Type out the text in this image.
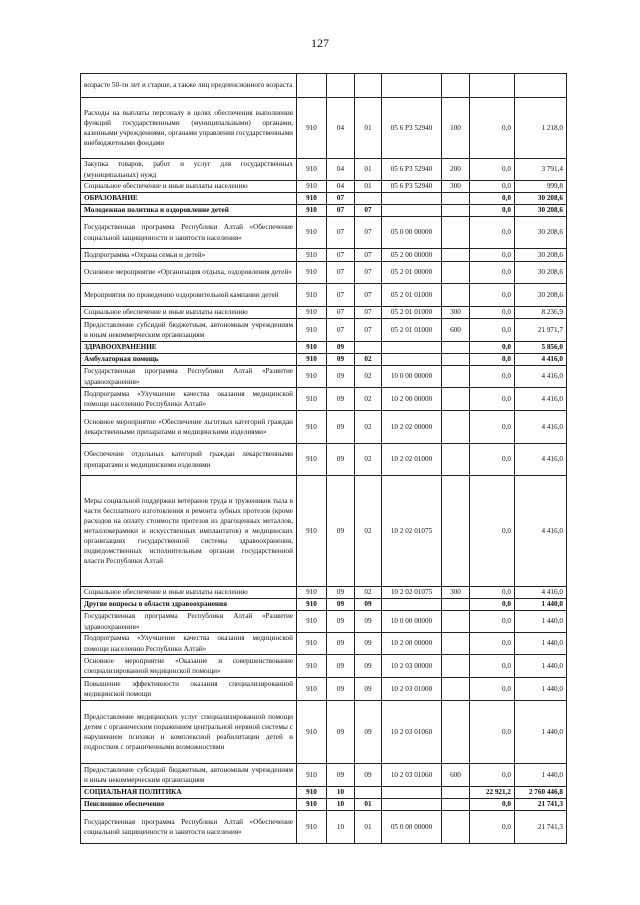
127
возрасте 50-ти лет и старше, а также лиц предпенсионного возраста							
Расходы на выплаты персоналу в целях обеспечения выполнения функций государственными (муниципальными) органами, казенными учреждениями, органами управления государственными внебюджетными фондами	910	04	01	05 6 P3 52940	100	0,0	1 218,0
Закупка товаров, работ и услуг для государственных (муниципальных) нужд	910	04	01	05 6 P3 52940	200	0,0	3 791,4
Социальное обеспечение и иные выплаты населению	910	04	01	05 6 P3 52940	300	0,0	999,8
ОБРАЗОВАНИЕ	910	07				0,0	30 208,6
Молодежная политика и оздоровление детей	910	07	07			0,0	30 208,6
Государственная программа Республики Алтай «Обеспечение социальной защищенности и занятости населения»	910	07	07	05 0 00 00000		0,0	30 208,6
Подпрограмма «Охрана семьи и детей»	910	07	07	05 2 00 00000		0,0	30 208,6
Основное мероприятие «Организация отдыха, оздоровления детей»	910	07	07	05 2 01 00000		0,0	30 208,6
Мероприятия по проведению оздоровительной кампании детей	910	07	07	05 2 01 01000		0,0	30 208,6
Социальное обеспечение и иные выплаты населению	910	07	07	05 2 01 01000	300	0,0	8 236,9
Предоставление субсидий бюджетным, автономным учреждениям и иным некоммерческим организациям	910	07	07	05 2 01 01000	600	0,0	21 971,7
ЗДРАВООХРАНЕНИЕ	910	09				0,0	5 856,0
Амбулаторная помощь	910	09	02			0,0	4 416,0
Государственная программа Республики Алтай «Развитие здравоохранения»	910	09	02	10 0 00 00000		0,0	4 416,0
Подпрограмма «Улучшение качества оказания медицинской помощи населению Республики Алтай»	910	09	02	10 2 00 00000		0,0	4 416,0
Основное мероприятие «Обеспечение льготных категорий граждан лекарственными препаратами и медицинскими изделиями»	910	09	02	10 2 02 00000		0,0	4 416,0
Обеспечение отдельных категорий граждан лекарственными препаратами и медицинскими изделиями	910	09	02	10 2 02 01000		0,0	4 416,0
Меры социальной поддержки ветеранов труда и тружеников тыла в части бесплатного изготовления и ремонта зубных протезов (кроме расходов на оплату стоимости протезов из драгоценных металлов, металлокерамики и искусственных имплантатов) в медицинских организациях государственной системы здравоохранения, подведомственных исполнительным органам государственной власти Республики Алтай	910	09	02	10 2 02 01075		0,0	4 416,0
Социальное обеспечение и иные выплаты населению	910	09	02	10 2 02 01075	300	0,0	4 416,0
Другие вопросы в области здравоохранения	910	09	09			0,0	1 440,0
Государственная программа Республики Алтай «Развитие здравоохранения»	910	09	09	10 0 00 00000		0,0	1 440,0
Подпрограмма «Улучшение качества оказания медицинской помощи населению Республики Алтай»	910	09	09	10 2 00 00000		0,0	1 440,0
Основное мероприятие «Оказание и совершенствование специализированной медицинской помощи»	910	09	09	10 2 03 00000		0,0	1 440,0
Повышение эффективности оказания специализированной медицинской помощи	910	09	09	10 2 03 01000		0,0	1 440,0
Предоставление медицинских услуг специализированной помощи детям с органическим поражением центральной нервной системы с нарушением психики и комплексной реабилитации детей и подростков с ограниченными возможностями	910	09	09	10 2 03 01060		0,0	1 440,0
Предоставление субсидий бюджетным, автономным учреждениям и иным некоммерческим организациям	910	09	09	10 2 03 01060	600	0,0	1 440,0
СОЦИАЛЬНАЯ ПОЛИТИКА	910	10				22 921,2	2 760 446,8
Пенсионное обеспечение	910	10	01			0,0	21 741,3
Государственная программа Республики Алтай «Обеспечение социальной защищенности и занятости населения»	910	10	01	05 0 00 00000		0,0	21 741,3
